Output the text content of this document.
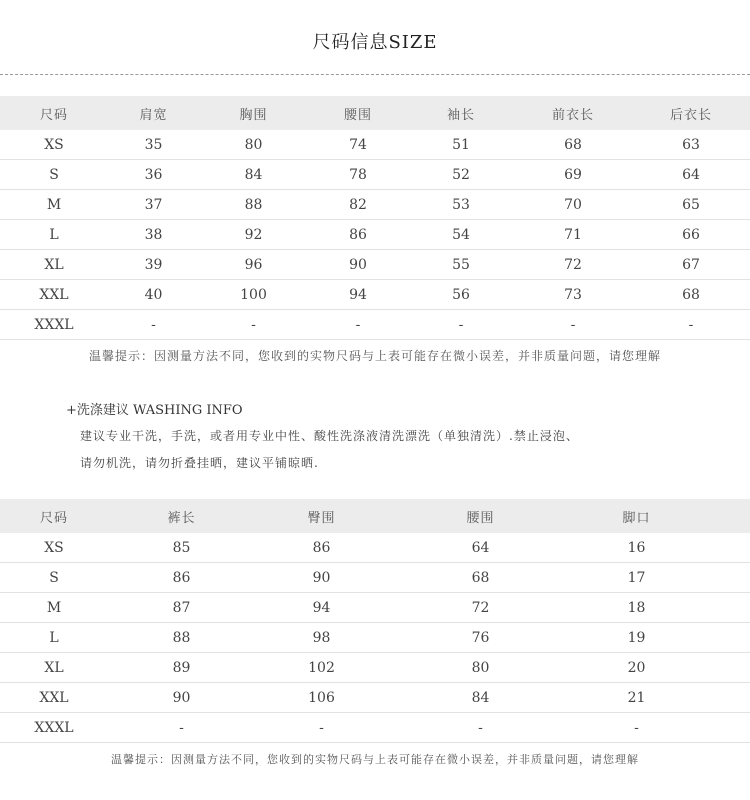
尺码信息SIZE
尺码	肩宽	胸围	腰围	袖长	前衣长	后衣长
XS	35	80	74	51	68	63
S	36	84	78	52	69	64
M	37	88	82	53	70	65
L	38	92	86	54	71	66
XL	39	96	90	55	72	67
XXL	40	100	94	56	73	68
XXXL	-	-	-	-	-	-
温馨提示：因测量方法不同，您收到的实物尺码与上表可能存在微小误差，并非质量问题，请您理解
+洗涤建议 WASHING INFO
建议专业干洗，手洗，或者用专业中性、酸性洗涤液清洗漂洗（单独清洗）.禁止浸泡、
请勿机洗，请勿折叠挂晒，建议平铺晾晒.
尺码	裤长	臀围	腰围	脚口	
XS	85	86	64	16	
S	86	90	68	17	
M	87	94	72	18	
L	88	98	76	19	
XL	89	102	80	20	
XXL	90	106	84	21	
XXXL	-	-	-	-	
温馨提示：因测量方法不同，您收到的实物尺码与上表可能存在微小误差，并非质量问题，请您理解
